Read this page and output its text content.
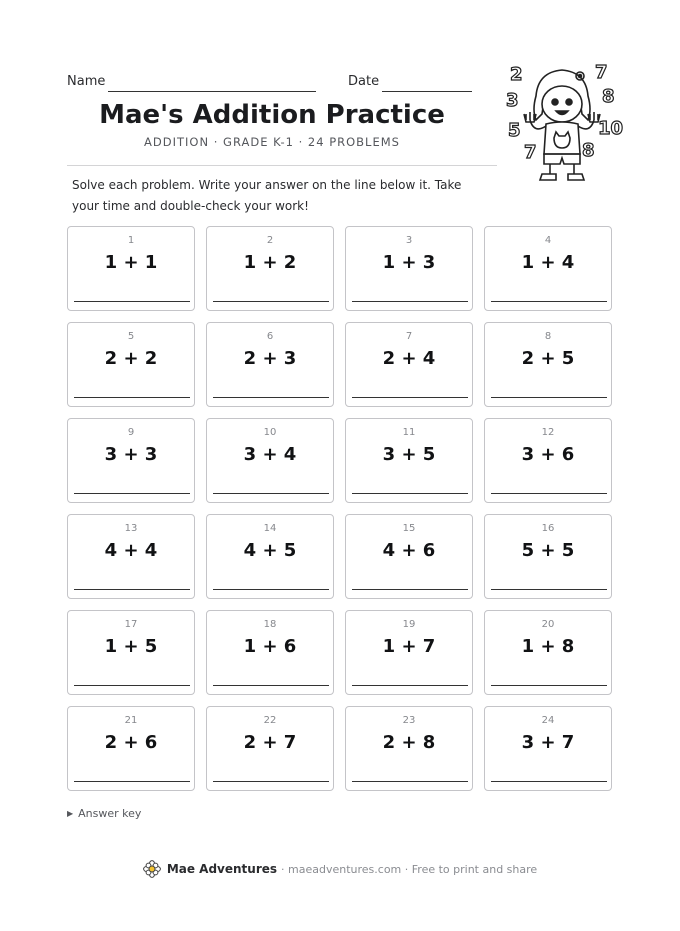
Name	Date
Mae's Addition Practice
ADDITION · GRADE K-1 · 24 PROBLEMS
2	7
3	8
5	10
7	8
Solve each problem. Write your answer on the line below it. Take your time and double-check your work!
1
1 + 1
2
1 + 2
3
1 + 3
4
1 + 4
5
2 + 2
6
2 + 3
7
2 + 4
8
2 + 5
9
3 + 3
10
3 + 4
11
3 + 5
12
3 + 6
13
4 + 4
14
4 + 5
15
4 + 6
16
5 + 5
17
1 + 5
18
1 + 6
19
1 + 7
20
1 + 8
21
2 + 6
22
2 + 7
23
2 + 8
24
3 + 7
▶ Answer key
Mae Adventures · maeadventures.com · Free to print and share
